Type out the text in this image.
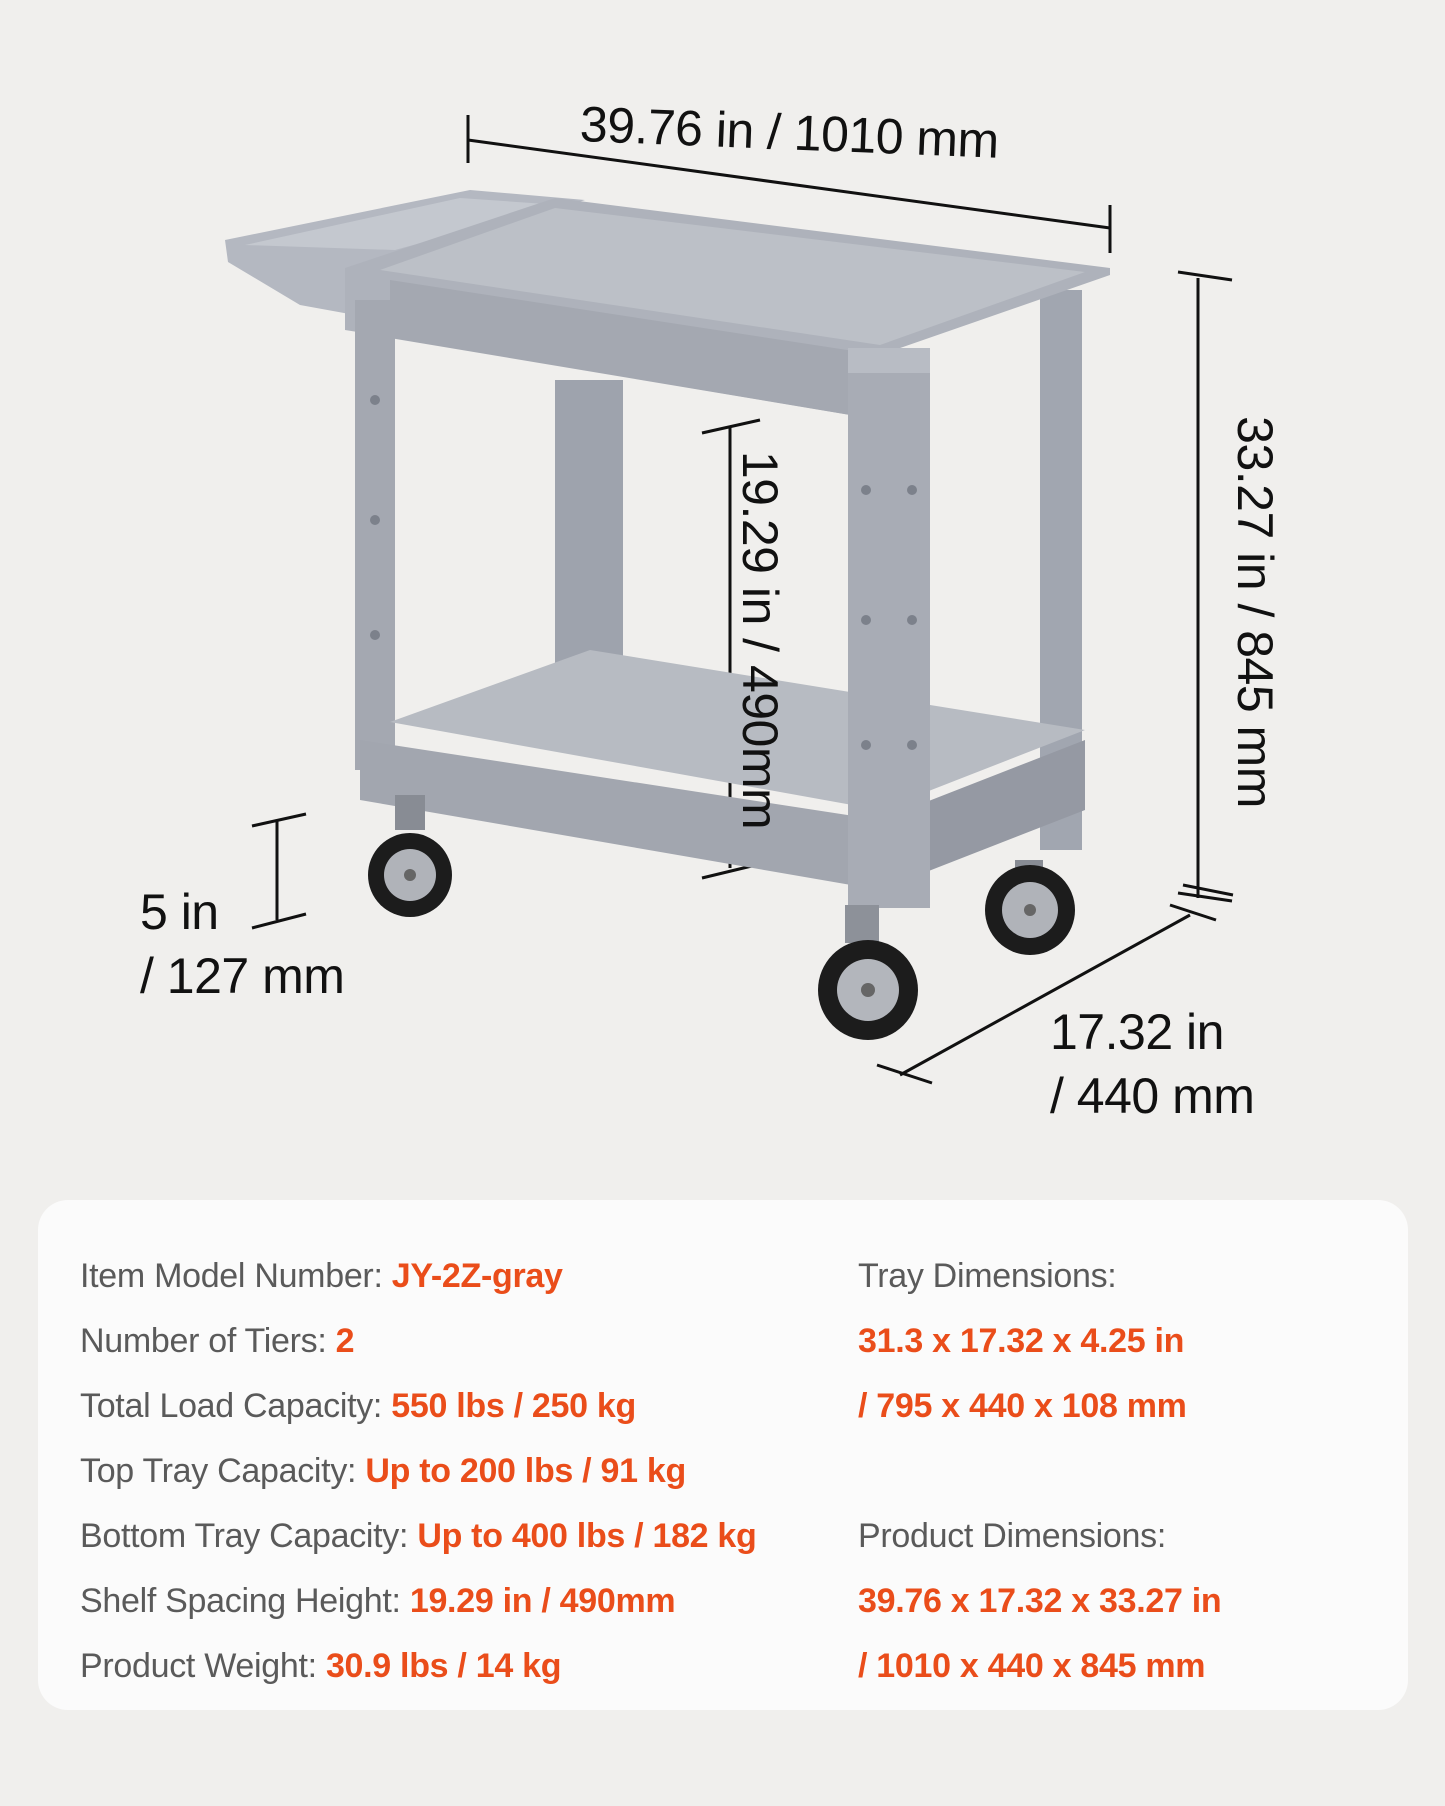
39.76 in / 1010 mm
33.27 in / 845 mm
19.29 in / 490mm
5 in
/ 127 mm
17.32 in
/ 440 mm
Item Model Number: JY-2Z-gray
Number of Tiers: 2
Total Load Capacity: 550 lbs / 250 kg
Top Tray Capacity: Up to 200 lbs / 91 kg
Bottom Tray Capacity: Up to 400 lbs / 182 kg
Shelf Spacing Height: 19.29 in / 490mm
Product Weight: 30.9 lbs / 14 kg
Tray Dimensions:
31.3 x 17.32 x 4.25 in
/ 795 x 440 x 108 mm
Product Dimensions:
39.76 x 17.32 x 33.27 in
/ 1010 x 440 x 845 mm
